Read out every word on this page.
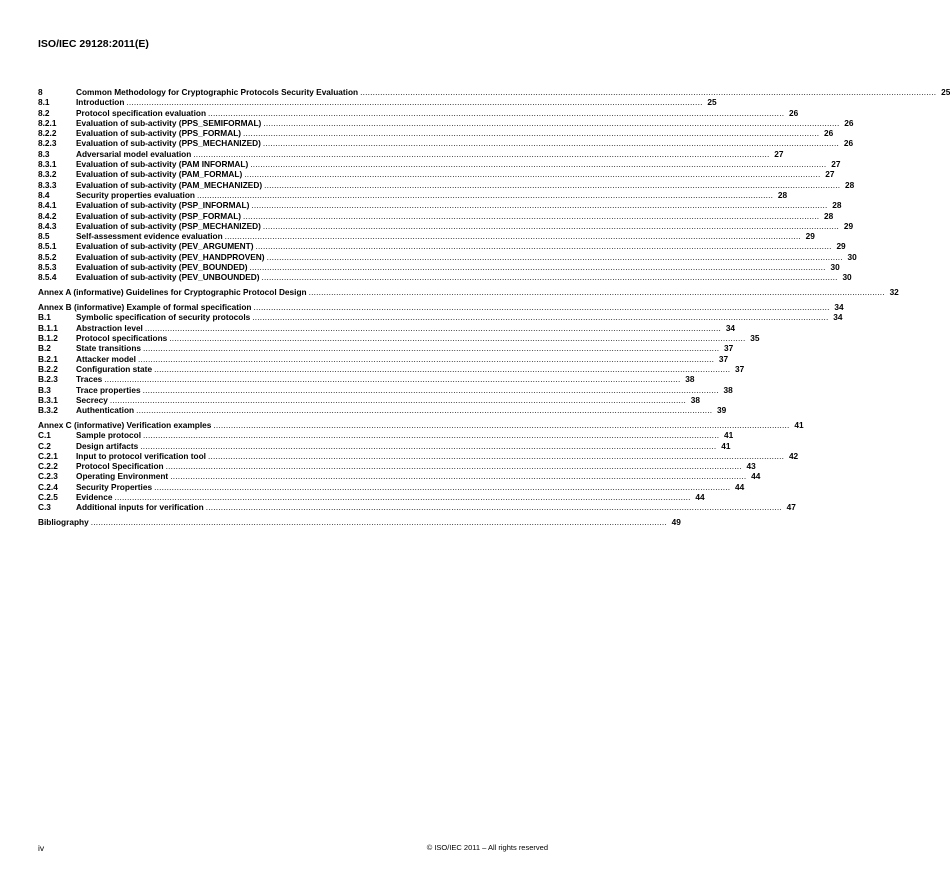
ISO/IEC 29128:2011(E)
8	Common Methodology for Cryptographic Protocols Security Evaluation .....	25
8.1	Introduction .....	25
8.2	Protocol specification evaluation .....	26
8.2.1	Evaluation of sub-activity (PPS_SEMIFORMAL) .....	26
8.2.2	Evaluation of sub-activity (PPS_FORMAL) .....	26
8.2.3	Evaluation of sub-activity (PPS_MECHANIZED) .....	26
8.3	Adversarial model evaluation .....	27
8.3.1	Evaluation of sub-activity (PAM INFORMAL) .....	27
8.3.2	Evaluation of sub-activity (PAM_FORMAL) .....	27
8.3.3	Evaluation of sub-activity (PAM_MECHANIZED) .....	28
8.4	Security properties evaluation .....	28
8.4.1	Evaluation of sub-activity (PSP_INFORMAL) .....	28
8.4.2	Evaluation of sub-activity (PSP_FORMAL) .....	28
8.4.3	Evaluation of sub-activity (PSP_MECHANIZED) .....	29
8.5	Self-assessment evidence evaluation .....	29
8.5.1	Evaluation of sub-activity (PEV_ARGUMENT) .....	29
8.5.2	Evaluation of sub-activity (PEV_HANDPROVEN) .....	30
8.5.3	Evaluation of sub-activity (PEV_BOUNDED) .....	30
8.5.4	Evaluation of sub-activity (PEV_UNBOUNDED) .....	30
Annex A (informative) Guidelines for Cryptographic Protocol Design .....	32
Annex B (informative) Example of formal specification .....	34
B.1	Symbolic specification of security protocols .....	34
B.1.1	Abstraction level .....	34
B.1.2	Protocol specifications .....	35
B.2	State transitions .....	37
B.2.1	Attacker model .....	37
B.2.2	Configuration state .....	37
B.2.3	Traces .....	38
B.3	Trace properties .....	38
B.3.1	Secrecy .....	38
B.3.2	Authentication .....	39
Annex C (informative) Verification examples .....	41
C.1	Sample protocol .....	41
C.2	Design artifacts .....	41
C.2.1	Input to protocol verification tool .....	42
C.2.2	Protocol Specification .....	43
C.2.3	Operating Environment .....	44
C.2.4	Security Properties .....	44
C.2.5	Evidence .....	44
C.3	Additional inputs for verification .....	47
Bibliography .....	49
iv	© ISO/IEC 2011 – All rights reserved
